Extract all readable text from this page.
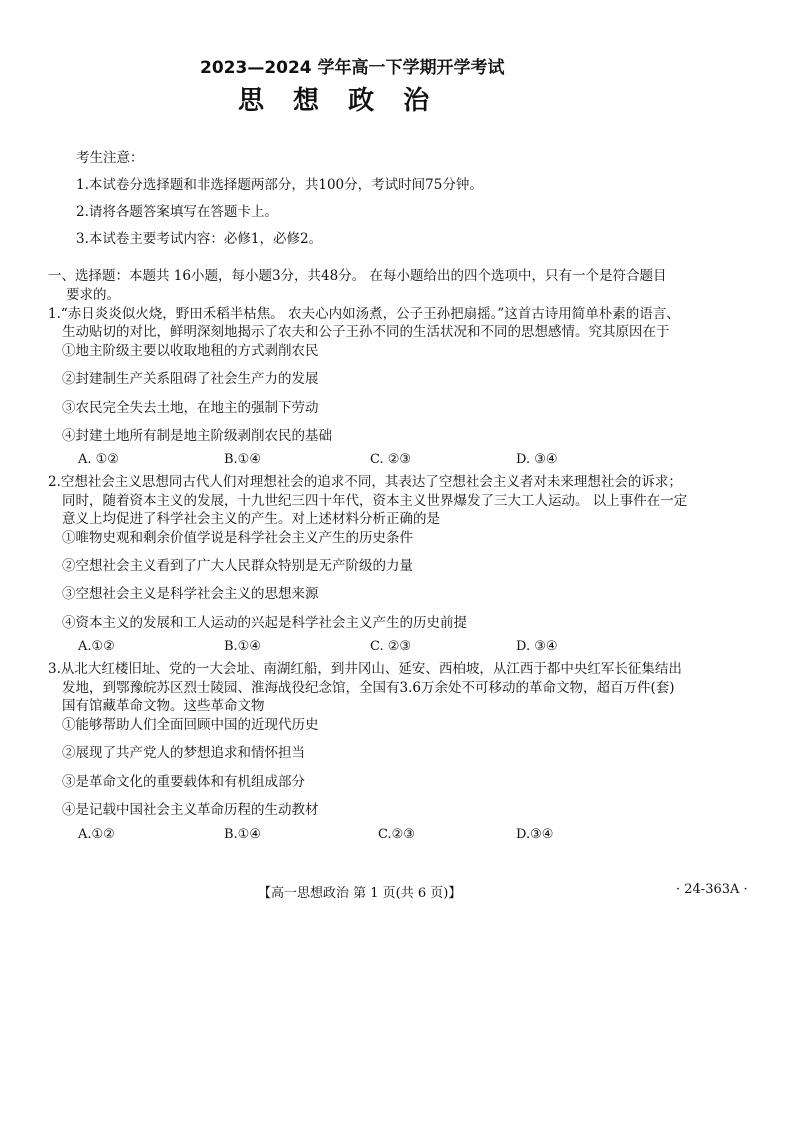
2023—2024 学年高一下学期开学考试
思 想 政 治
考生注意：
1.本试卷分选择题和非选择题两部分，共100分，考试时间75分钟。
2.请将各题答案填写在答题卡上。
3.本试卷主要考试内容：必修1，必修2。
一、选择题：本题共 16小题，每小题3分，共48分。 在每小题给出的四个选项中，只有一个是符合题目
要求的。
1.“赤日炎炎似火烧，野田禾稻半枯焦。 农夫心内如汤煮，公子王孙把扇摇。”这首古诗用简单朴素的语言、
生动贴切的对比，鲜明深刻地揭示了农夫和公子王孙不同的生活状况和不同的思想感情。究其原因在于
①地主阶级主要以收取地租的方式剥削农民
②封建制生产关系阻碍了社会生产力的发展
③农民完全失去土地，在地主的强制下劳动
④封建土地所有制是地主阶级剥削农民的基础
A. ①②	B.①④	C. ②③	D. ③④
2.空想社会主义思想同古代人们对理想社会的追求不同，其表达了空想社会主义者对未来理想社会的诉求；
同时，随着资本主义的发展，十九世纪三四十年代，资本主义世界爆发了三大工人运动。 以上事件在一定
意义上均促进了科学社会主义的产生。对上述材料分析正确的是
①唯物史观和剩余价值学说是科学社会主义产生的历史条件
②空想社会主义看到了广大人民群众特别是无产阶级的力量
③空想社会主义是科学社会主义的思想来源
④资本主义的发展和工人运动的兴起是科学社会主义产生的历史前提
A.①②	B.①④	C. ②③	D. ③④
3.从北大红楼旧址、党的一大会址、南湖红船，到井冈山、延安、西柏坡，从江西于都中央红军长征集结出
发地，到鄂豫皖苏区烈士陵园、淮海战役纪念馆，全国有3.6万余处不可移动的革命文物，超百万件(套)
国有馆藏革命文物。这些革命文物
①能够帮助人们全面回顾中国的近现代历史
②展现了共产党人的梦想追求和情怀担当
③是革命文化的重要载体和有机组成部分
④是记载中国社会主义革命历程的生动教材
A.①②	B.①④	C.②③	D.③④
【高一思想政治 第 1 页(共 6 页)】	· 24-363A ·
